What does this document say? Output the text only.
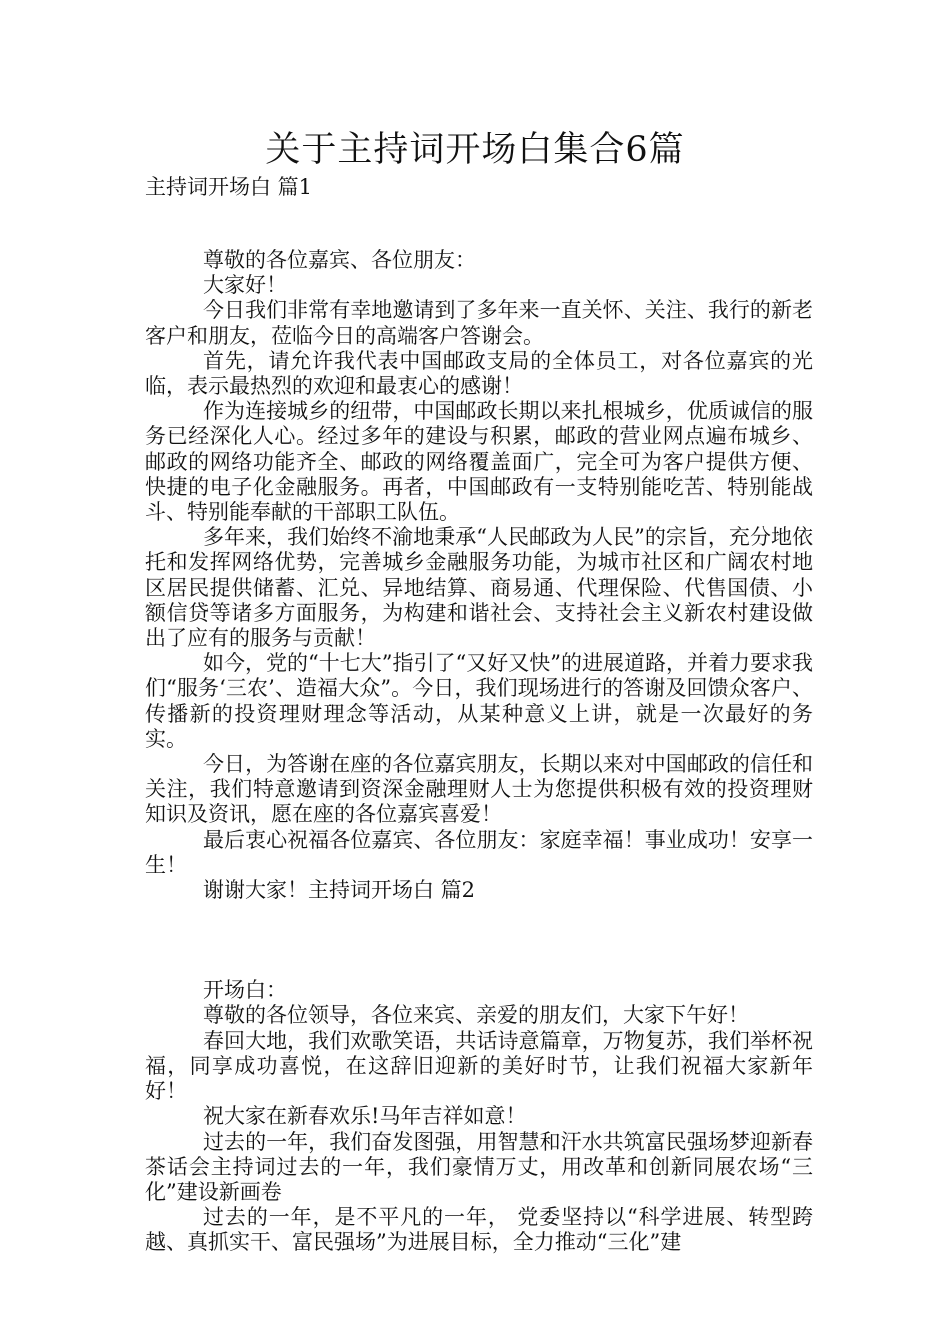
关于主持词开场白集合6篇
主持词开场白 篇1

尊敬的各位嘉宾、各位朋友：

大家好！

今日我们非常有幸地邀请到了多年来一直关怀、关注、我行的新老客户和朋友，莅临今日的高端客户答谢会。

首先，请允许我代表中国邮政支局的全体员工，对各位嘉宾的光临，表示最热烈的欢迎和最衷心的感谢！

作为连接城乡的纽带，中国邮政长期以来扎根城乡，优质诚信的服务已经深化人心。经过多年的建设与积累，邮政的营业网点遍布城乡、邮政的网络功能齐全、邮政的网络覆盖面广，完全可为客户提供方便、快捷的电子化金融服务。再者，中国邮政有一支特别能吃苦、特别能战斗、特别能奉献的干部职工队伍。

多年来，我们始终不渝地秉承“人民邮政为人民”的宗旨，充分地依托和发挥网络优势，完善城乡金融服务功能，为城市社区和广阔农村地区居民提供储蓄、汇兑、异地结算、商易通、代理保险、代售国债、小额信贷等诸多方面服务，为构建和谐社会、支持社会主义新农村建设做出了应有的服务与贡献！

如今，党的“十七大”指引了“又好又快”的进展道路，并着力要求我们“服务‘三农’、造福大众”。今日，我们现场进行的答谢及回馈众客户、传播新的投资理财理念等活动，从某种意义上讲，就是一次最好的务实。

今日，为答谢在座的各位嘉宾朋友，长期以来对中国邮政的信任和关注，我们特意邀请到资深金融理财人士为您提供积极有效的投资理财知识及资讯，愿在座的各位嘉宾喜爱！

最后衷心祝福各位嘉宾、各位朋友：家庭幸福！事业成功！安享一生！

谢谢大家！主持词开场白 篇2

开场白：

尊敬的各位领导，各位来宾、亲爱的朋友们，大家下午好！

春回大地，我们欢歌笑语，共话诗意篇章，万物复苏，我们举杯祝福，同享成功喜悦，在这辞旧迎新的美好时节，让我们祝福大家新年好！

祝大家在新春欢乐!马年吉祥如意！

过去的一年，我们奋发图强，用智慧和汗水共筑富民强场梦迎新春茶话会主持词过去的一年，我们豪情万丈，用改革和创新同展农场“三化”建设新画卷

过去的一年，是不平凡的一年， 党委坚持以“科学进展、转型跨越、真抓实干、富民强场”为进展目标，全力推动“三化”建
